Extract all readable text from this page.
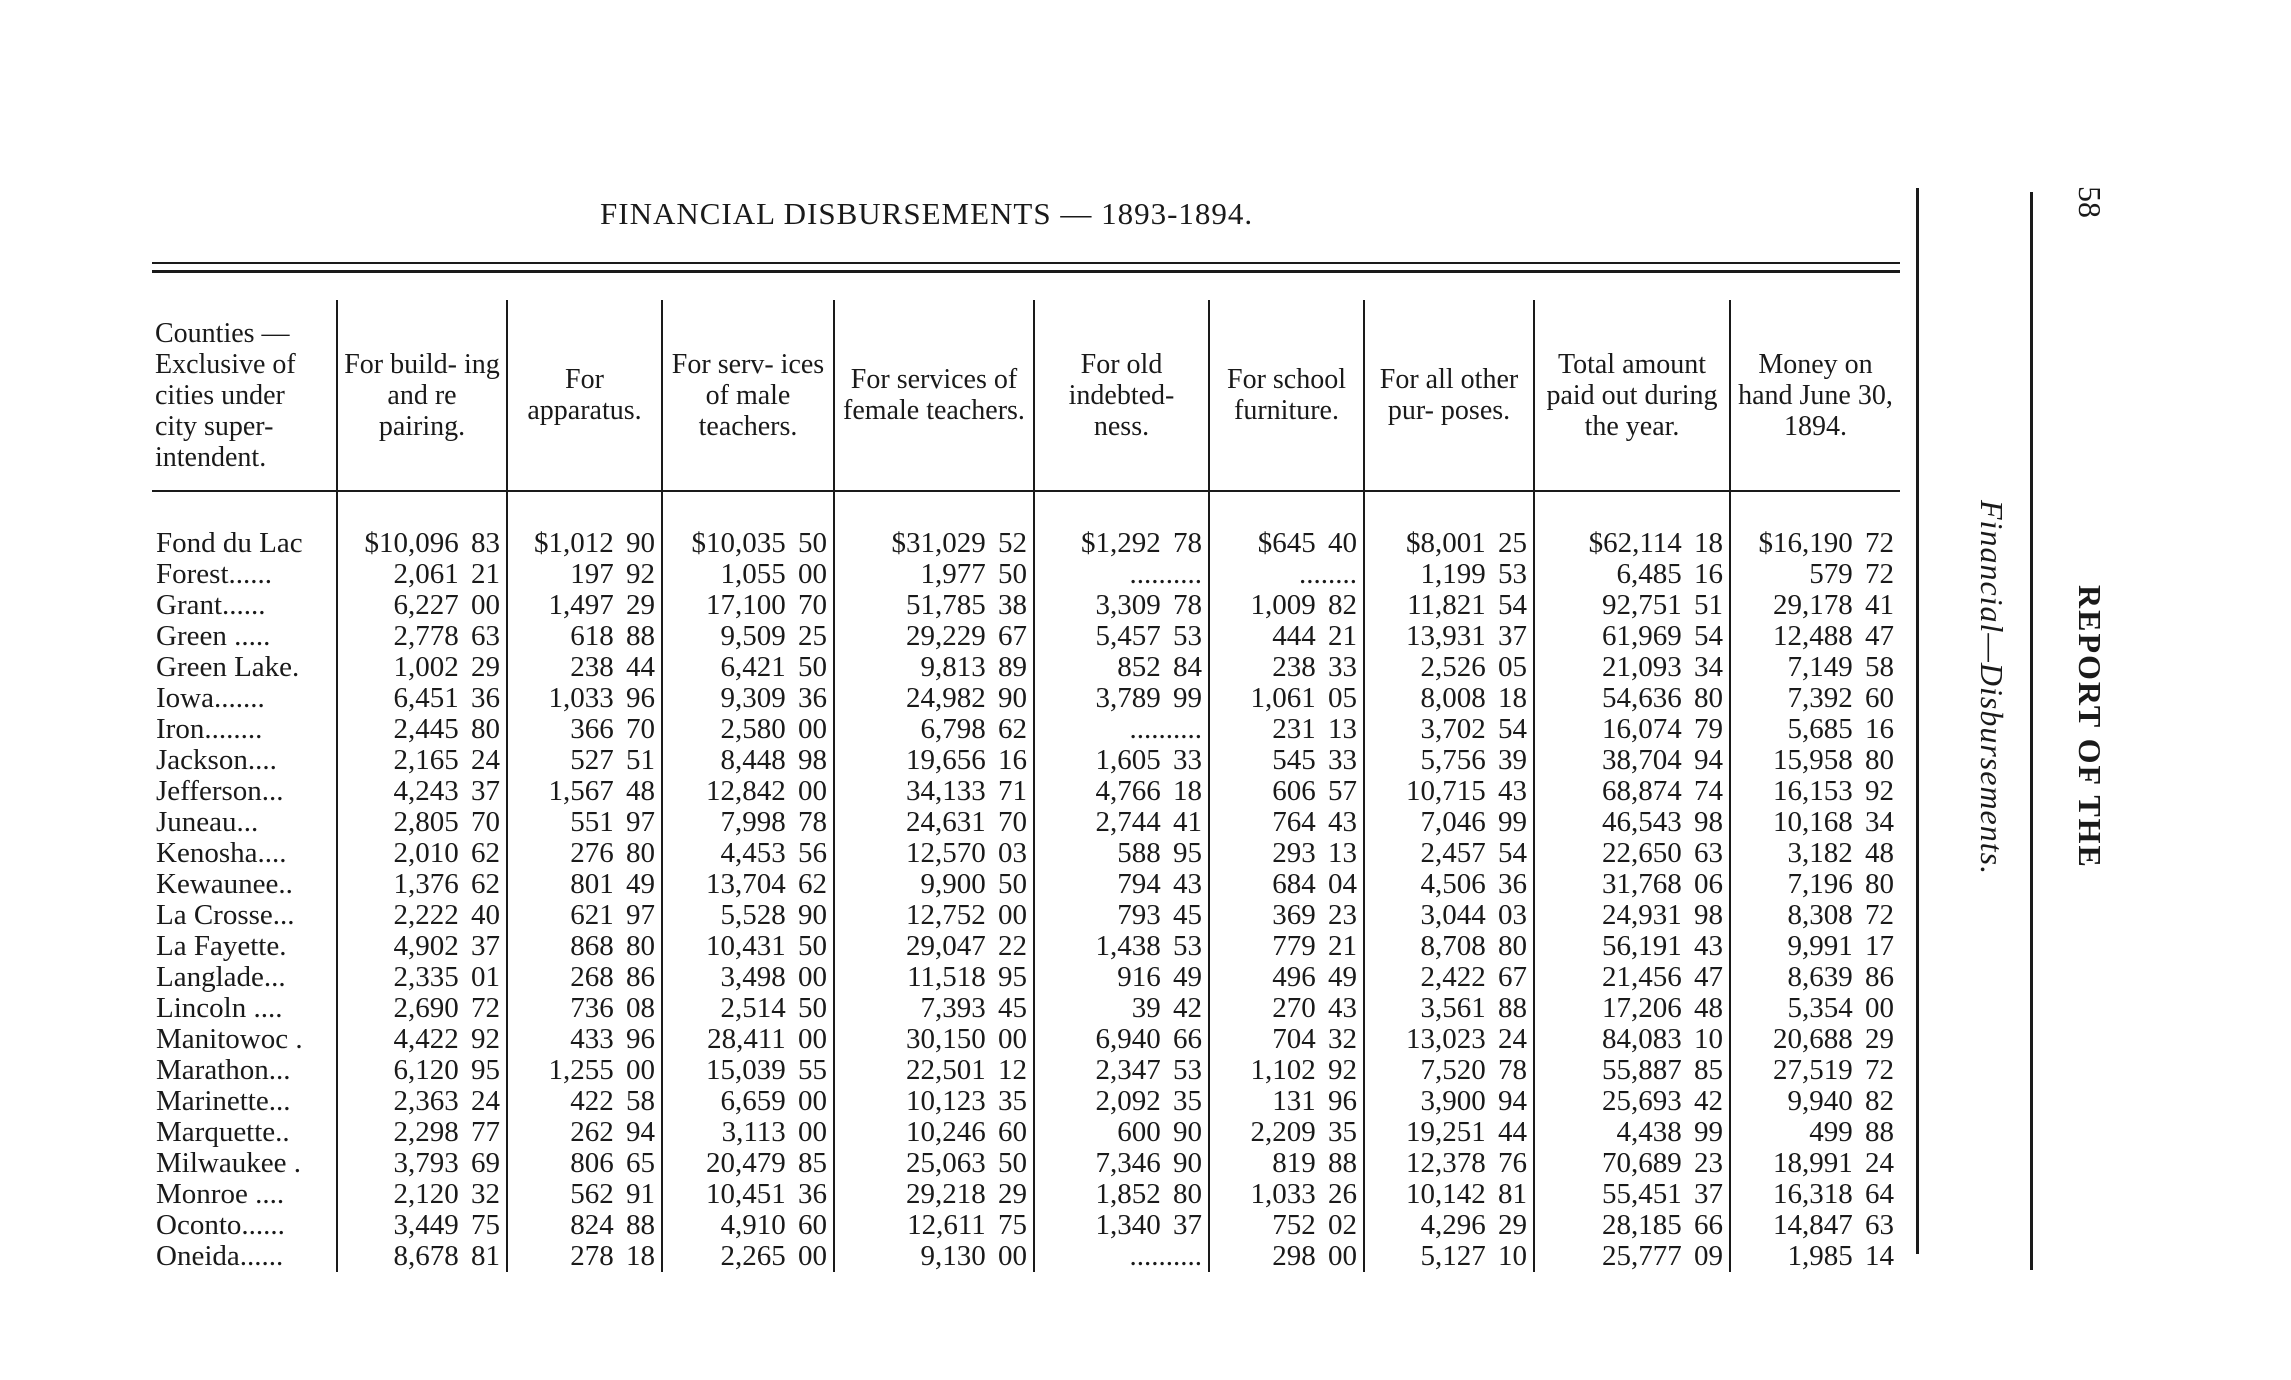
FINANCIAL DISBURSEMENTS — 1893-1894.	58
REPORT OF THE
Financial—Disbursements.
Counties — Exclusive of cities under city super- intendent.	For build- ing and re pairing.	For apparatus.	For serv- ices of male teachers.	For services of female teachers.	For old indebted- ness.	For school furniture.	For all other pur- poses.	Total amount paid out during the year.	Money on hand June 30, 1894.

Fond du Lac	$10,096 83	$1,012 90	$10,035 50	$31,029 52	$1,292 78	$645 40	$8,001 25	$62,114 18	$16,190 72
Forest......	2,061 21	197 92	1,055 00	1,977 50	..........	........	1,199 53	6,485 16	579 72
Grant......	6,227 00	1,497 29	17,100 70	51,785 38	3,309 78	1,009 82	11,821 54	92,751 51	29,178 41
Green .....	2,778 63	618 88	9,509 25	29,229 67	5,457 53	444 21	13,931 37	61,969 54	12,488 47
Green Lake.	1,002 29	238 44	6,421 50	9,813 89	852 84	238 33	2,526 05	21,093 34	7,149 58
Iowa.......	6,451 36	1,033 96	9,309 36	24,982 90	3,789 99	1,061 05	8,008 18	54,636 80	7,392 60
Iron........	2,445 80	366 70	2,580 00	6,798 62	..........	231 13	3,702 54	16,074 79	5,685 16
Jackson....	2,165 24	527 51	8,448 98	19,656 16	1,605 33	545 33	5,756 39	38,704 94	15,958 80
Jefferson...	4,243 37	1,567 48	12,842 00	34,133 71	4,766 18	606 57	10,715 43	68,874 74	16,153 92
Juneau...	2,805 70	551 97	7,998 78	24,631 70	2,744 41	764 43	7,046 99	46,543 98	10,168 34
Kenosha....	2,010 62	276 80	4,453 56	12,570 03	588 95	293 13	2,457 54	22,650 63	3,182 48
Kewaunee..	1,376 62	801 49	13,704 62	9,900 50	794 43	684 04	4,506 36	31,768 06	7,196 80
La Crosse...	2,222 40	621 97	5,528 90	12,752 00	793 45	369 23	3,044 03	24,931 98	8,308 72
La Fayette.	4,902 37	868 80	10,431 50	29,047 22	1,438 53	779 21	8,708 80	56,191 43	9,991 17
Langlade...	2,335 01	268 86	3,498 00	11,518 95	916 49	496 49	2,422 67	21,456 47	8,639 86
Lincoln ....	2,690 72	736 08	2,514 50	7,393 45	39 42	270 43	3,561 88	17,206 48	5,354 00
Manitowoc .	4,422 92	433 96	28,411 00	30,150 00	6,940 66	704 32	13,023 24	84,083 10	20,688 29
Marathon...	6,120 95	1,255 00	15,039 55	22,501 12	2,347 53	1,102 92	7,520 78	55,887 85	27,519 72
Marinette...	2,363 24	422 58	6,659 00	10,123 35	2,092 35	131 96	3,900 94	25,693 42	9,940 82
Marquette..	2,298 77	262 94	3,113 00	10,246 60	600 90	2,209 35	19,251 44	4,438 99	499 88
Milwaukee .	3,793 69	806 65	20,479 85	25,063 50	7,346 90	819 88	12,378 76	70,689 23	18,991 24
Monroe ....	2,120 32	562 91	10,451 36	29,218 29	1,852 80	1,033 26	10,142 81	55,451 37	16,318 64
Oconto......	3,449 75	824 88	4,910 60	12,611 75	1,340 37	752 02	4,296 29	28,185 66	14,847 63
Oneida......	8,678 81	278 18	2,265 00	9,130 00	..........	298 00	5,127 10	25,777 09	1,985 14
